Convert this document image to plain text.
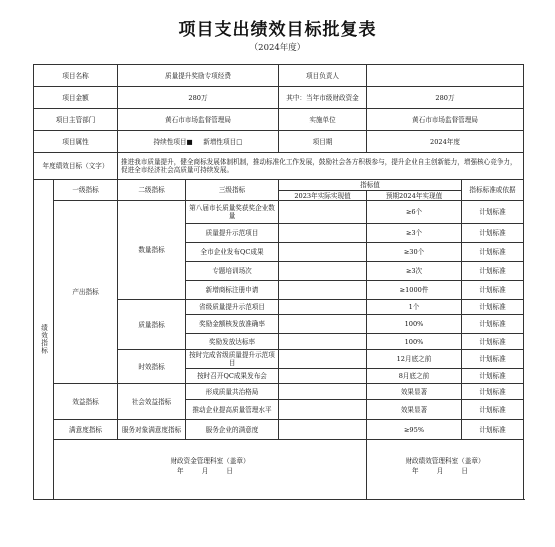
项目支出绩效目标批复表
（2024年度）
项目名称		质量提升奖励专项经费		项目负责人		
项目金额		280万		其中：当年市级财政资金	280万	
项目主管部门		黄石市市场监督管理局		实施单位	黄石市市场监督管理局	
项目属性		持续性项目■ 新增性项目□		项目期	2024年度	
年度绩效目标（文字）		推进我市质量提升，健全商标发展体制机制，推动标准化工作发展，鼓励社会各方积极参与，提升企业自主创新能力，增强核心竞争力，促进全市经济社会高质量可持续发展。				
绩效指标	一级指标	二级指标	三级指标	指标值		指标标准或依据
				2023年实际实现值	预期2024年实现值	
	产出指标	数量指标	第八届市长质量奖获奖企业数量		≥6个	计划标准
			质量提升示范项目		≥3个	计划标准
			全市企业发布QC成果		≥30个	计划标准
			专题培训场次		≥3次	计划标准
			新增商标注册申请		≥1000件	计划标准
		质量指标	省级质量提升示范项目		1个	计划标准
			奖励金额核发放准确率		100%	计划标准
			奖励发放达标率		100%	计划标准
		时效指标	按时完成省级质量提升示范项目		12月底之前	计划标准
			按时召开QC成果发布会		8月底之前	计划标准
	效益指标	社会效益指标	形成质量共治格局		效果显著	计划标准
			推动企业提高质量管理水平		效果显著	计划标准
	满意度指标	服务对象满意度指标	服务企业的满意度		≥95%	计划标准

	财政资金管理科室（盖章）
年 月 日				财政绩效管理科室（盖章）
年 月 日	
